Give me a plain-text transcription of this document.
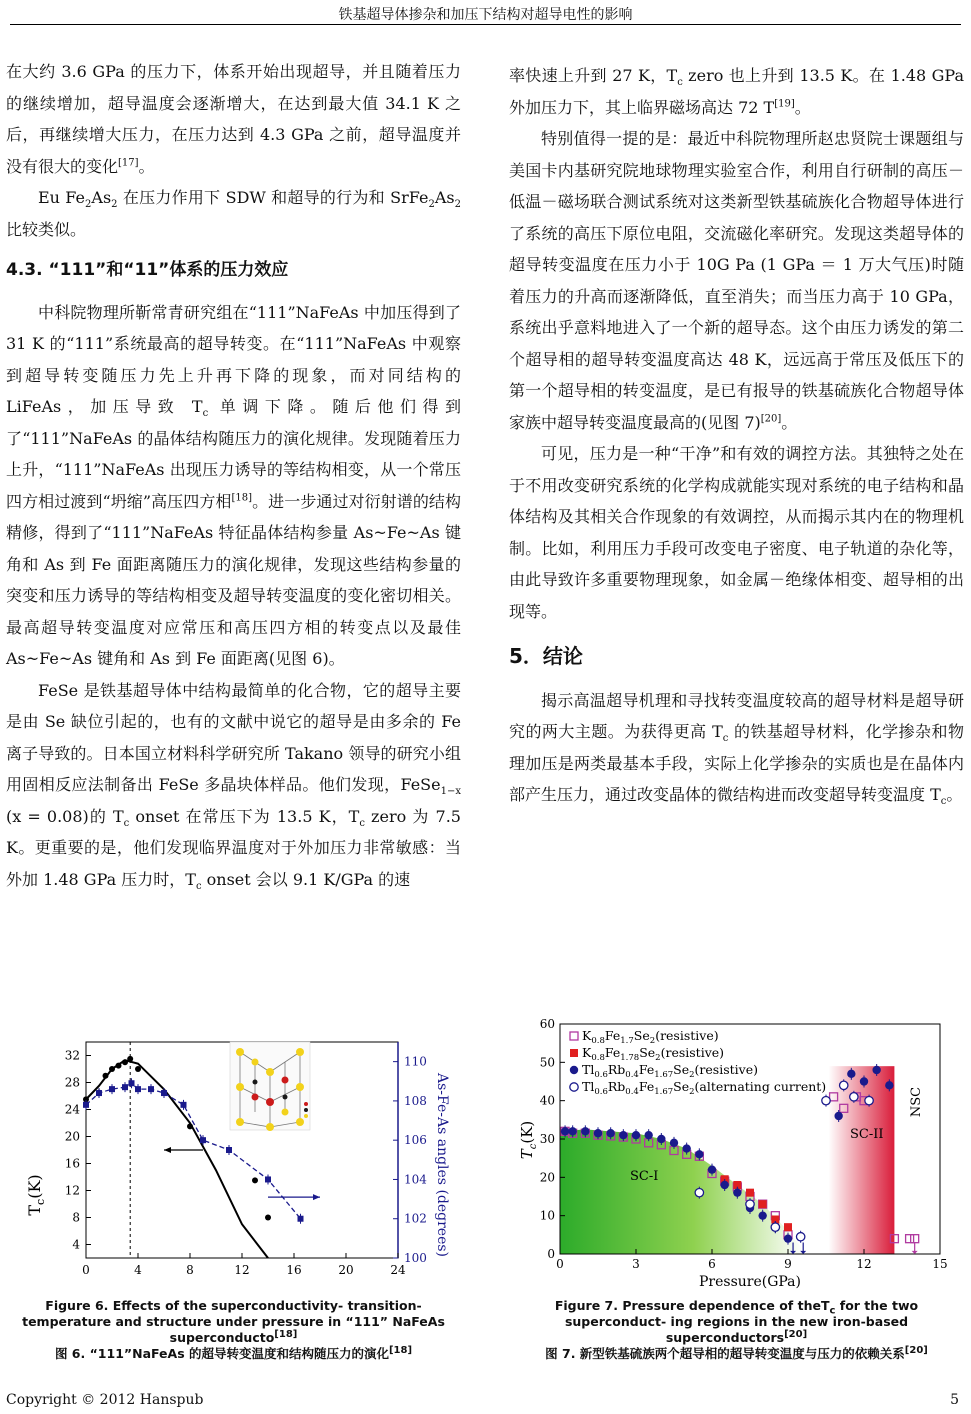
铁基超导体掺杂和加压下结构对超导电性的影响

在大约 3.6 GPa 的压力下，体系开始出现超导，并且随着压力的继续增加，超导温度会逐渐增大，在达到最大值 34.1 K 之后，再继续增大压力，在压力达到 4.3 GPa 之前，超导温度并没有很大的变化[17]。

Eu $Fe_2As_2$ 在压力作用下 SDW 和超导的行为和 $SrFe_2As_2$ 比较类似。

4.3. “111”和“11”体系的压力效应

中科院物理所靳常青研究组在“111”NaFeAs 中加压得到了 31 K 的“111”系统最高的超导转变。在“111”NaFeAs 中观察到超导转变随压力先上升再下降的现象，而对同结构的 LiFeAs，加压导致 $T_c$ 单调下降。随后他们得到了“111”NaFeAs 的晶体结构随压力的演化规律。发现随着压力上升，“111”NaFeAs 出现压力诱导的等结构相变，从一个常压四方相过渡到“坍缩”高压四方相[18]。进一步通过对衍射谱的结构精修，得到了“111”NaFeAs 特征晶体结构参量 As~Fe~As 键角和 As 到 Fe 面距离随压力的演化规律，发现这些结构参量的突变和压力诱导的等结构相变及超导转变温度的变化密切相关。最高超导转变温度对应常压和高压四方相的转变点以及最佳 As~Fe~As 键角和 As 到 Fe 面距离(见图 6)。

FeSe 是铁基超导体中结构最简单的化合物，它的超导主要是由 Se 缺位引起的，也有的文献中说它的超导是由多余的 Fe 离子导致的。日本国立材料科学研究所 Takano 领导的研究小组用固相反应法制备出 FeSe 多晶块体样品。他们发现，FeSe$_{1-x}$ (x = 0.08)的 $T_c$ onset 在常压下为 13.5 K，$T_c$ zero 为 7.5 K。更重要的是，他们发现临界温度对于外加压力非常敏感：当外加 1.48 GPa 压力时，$T_c$ onset 会以 9.1 K/GPa 的速

率快速上升到 27 K，$T_c$ zero 也上升到 13.5 K。在 1.48 GPa 外加压力下，其上临界磁场高达 72 T[19]。

特别值得一提的是：最近中科院物理所赵忠贤院士课题组与美国卡内基研究院地球物理实验室合作，利用自行研制的高压－低温－磁场联合测试系统对这类新型铁基硫族化合物超导体进行了系统的高压下原位电阻，交流磁化率研究。发现这类超导体的超导转变温度在压力小于 10G Pa (1 GPa ＝ 1 万大气压)时随着压力的升高而逐渐降低，直至消失；而当压力高于 10 GPa，系统出乎意料地进入了一个新的超导态。这个由压力诱发的第二个超导相的超导转变温度高达 48 K，远远高于常压及低压下的第一个超导相的转变温度，是已有报导的铁基硫族化合物超导体家族中超导转变温度最高的(见图 7)[20]。

可见，压力是一种“干净”和有效的调控方法。其独特之处在于不用改变研究系统的化学构成就能实现对系统的电子结构和晶体结构及其相关合作现象的有效调控，从而揭示其内在的物理机制。比如，利用压力手段可改变电子密度、电子轨道的杂化等，由此导致许多重要物理现象，如金属－绝缘体相变、超导相的出现等。

5．结论

揭示高温超导机理和寻找转变温度较高的超导材料是超导研究的两大主题。为获得更高 $T_c$ 的铁基超导材料，化学掺杂和物理加压是两类最基本手段，实际上化学掺杂的实质也是在晶体内部产生压力，通过改变晶体的微结构进而改变超导转变温度 $T_c$。

0	4	8	12	16	20	24
4
8
12
16
20
24
28
32
100
102
104
106
108
110
$T_c(K)$	As-Fe-As angles (degrees)
Figure 6. Effects of the superconductivity- transition-temperature and structure under pressure in “111” NaFeAs superconducto[18]
图 6. “111”NaFeAs 的超导转变温度和结构随压力的演化[18]
0	3	6	9	12	15
0
10
20
30
40
50
60
$K_{0.8}Fe_{1.7}Se_2(resistive)$
$K_{0.8}Fe_{1.78}Se_2(resistive)$
$Tl_{0.6}Rb_{0.4}Fe_{1.67}Se_2(resistive)$
$Tl_{0.6}Rb_{0.4}Fe_{1.67}Se_2(alternating$ current)
SC-I
SC-II
NSC
Pressure(GPa)
$T_c(K)$
Figure 7. Pressure dependence of theT$_c$ for the two superconduct- ing regions in the new iron-based superconductors[20]
图 7. 新型铁基硫族两个超导相的超导转变温度与压力的依赖关系[20]
Copyright © 2012 Hanspub	5
